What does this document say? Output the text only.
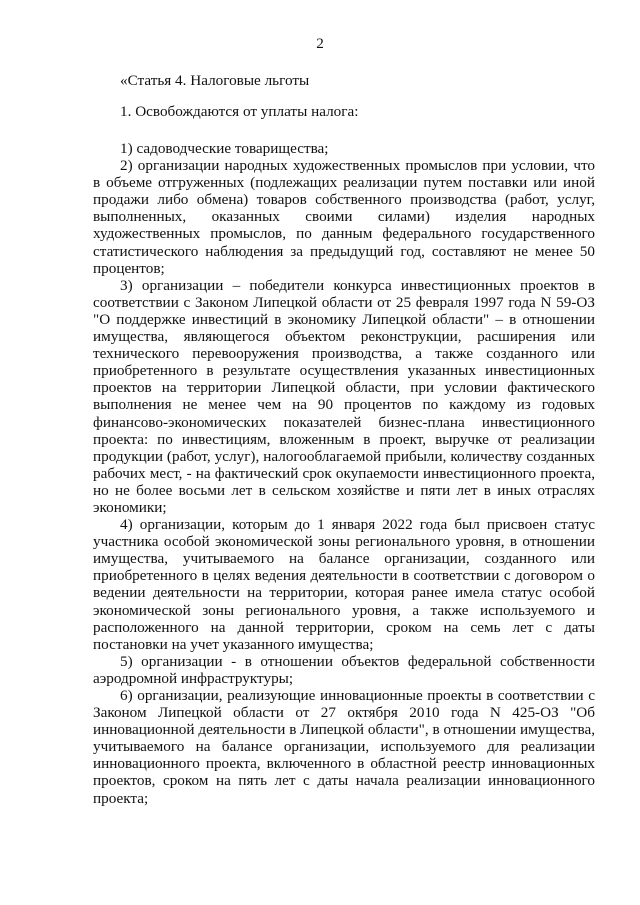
2
«Статья 4. Налоговые льготы

1. Освобождаются от уплаты налога:

1) садоводческие товарищества;

2) организации народных художественных промыслов при условии, что в объеме отгруженных (подлежащих реализации путем поставки или иной продажи либо обмена) товаров собственного производства (работ, услуг, выполненных, оказанных своими силами) изделия народных художественных промыслов, по данным федерального государственного статистического наблюдения за предыдущий год, составляют не менее 50 процентов;

3) организации – победители конкурса инвестиционных проектов в соответствии с Законом Липецкой области от 25 февраля 1997 года N 59-ОЗ "О поддержке инвестиций в экономику Липецкой области" – в отношении имущества, являющегося объектом реконструкции, расширения или технического перевооружения производства, а также созданного или приобретенного в результате осуществления указанных инвестиционных проектов на территории Липецкой области, при условии фактического выполнения не менее чем на 90 процентов по каждому из годовых финансово-экономических показателей бизнес-плана инвестиционного проекта: по инвестициям, вложенным в проект, выручке от реализации продукции (работ, услуг), налогооблагаемой прибыли, количеству созданных рабочих мест, - на фактический срок окупаемости инвестиционного проекта, но не более восьми лет в сельском хозяйстве и пяти лет в иных отраслях экономики;

4) организации, которым до 1 января 2022 года был присвоен статус участника особой экономической зоны регионального уровня, в отношении имущества, учитываемого на балансе организации, созданного или приобретенного в целях ведения деятельности в соответствии с договором о ведении деятельности на территории, которая ранее имела статус особой экономической зоны регионального уровня, а также используемого и расположенного на данной территории, сроком на семь лет с даты постановки на учет указанного имущества;

5) организации - в отношении объектов федеральной собственности аэродромной инфраструктуры;

6) организации, реализующие инновационные проекты в соответствии с Законом Липецкой области от 27 октября 2010 года N 425-ОЗ "Об инновационной деятельности в Липецкой области", в отношении имущества, учитываемого на балансе организации, используемого для реализации инновационного проекта, включенного в областной реестр инновационных проектов, сроком на пять лет с даты начала реализации инновационного проекта;
